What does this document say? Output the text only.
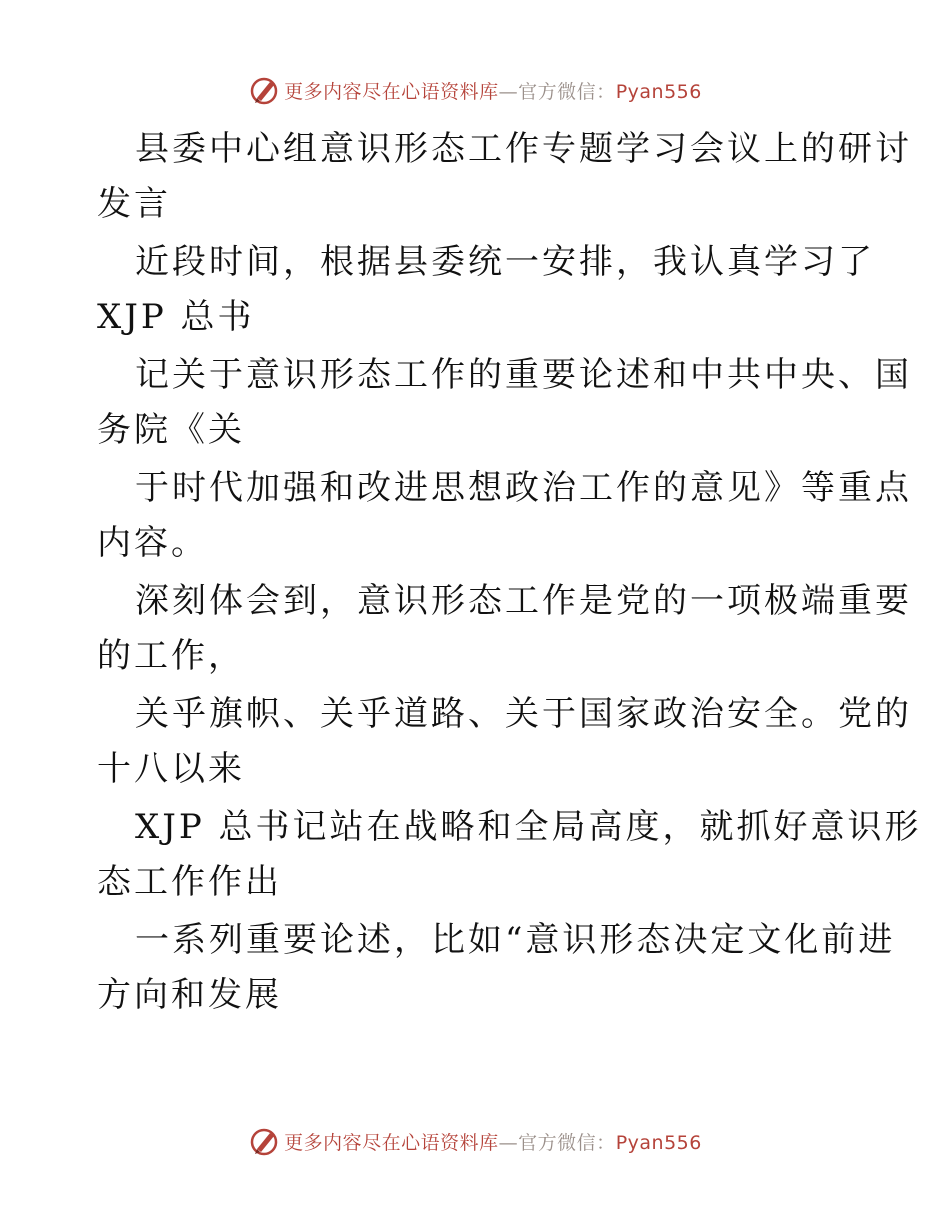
更多内容尽在心语资料库—官方微信：Pyan556
县委中心组意识形态工作专题学习会议上的研讨
发言
近段时间，根据县委统一安排，我认真学习了
XJP 总书
记关于意识形态工作的重要论述和中共中央、国
务院《关
于时代加强和改进思想政治工作的意见》等重点
内容。
深刻体会到，意识形态工作是党的一项极端重要
的工作，
关乎旗帜、关乎道路、关于国家政治安全。党的
十八以来
XJP 总书记站在战略和全局高度，就抓好意识形
态工作作出
一系列重要论述，比如“意识形态决定文化前进
方向和发展
更多内容尽在心语资料库—官方微信：Pyan556
